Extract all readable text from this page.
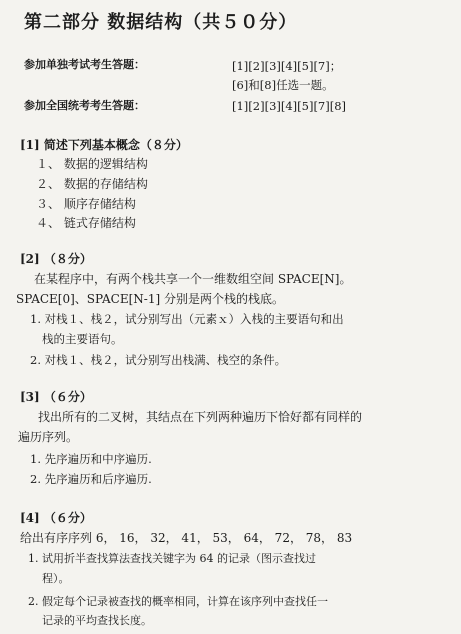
第二部分 数据结构（共５０分）
参加单独考试考生答题：	[1][2][3][4][5][7]；
[6]和[8]任选一题。
参加全国统考考生答题：	[1][2][3][4][5][7][8]
[1] 简述下列基本概念（８分）
１、 数据的逻辑结构
２、 数据的存储结构
３、 顺序存储结构
４、 链式存储结构
[2] （８分）
在某程序中，有两个栈共享一个一维数组空间 SPACE[N]。
SPACE[0]、SPACE[N-1] 分别是两个栈的栈底。
1. 对栈１、栈２，试分别写出（元素ｘ）入栈的主要语句和出
栈的主要语句。
2. 对栈１、栈２，试分别写出栈满、栈空的条件。
[3] （６分）
找出所有的二叉树，其结点在下列两种遍历下恰好都有同样的
遍历序列。
1. 先序遍历和中序遍历.
2. 先序遍历和后序遍历.
[4] （６分）
给出有序序列 6， 16， 32， 41， 53， 64， 72， 78， 83
1. 试用折半查找算法查找关键字为 64 的记录（图示查找过
程）。
2. 假定每个记录被查找的概率相同，计算在该序列中查找任一
记录的平均查找长度。
